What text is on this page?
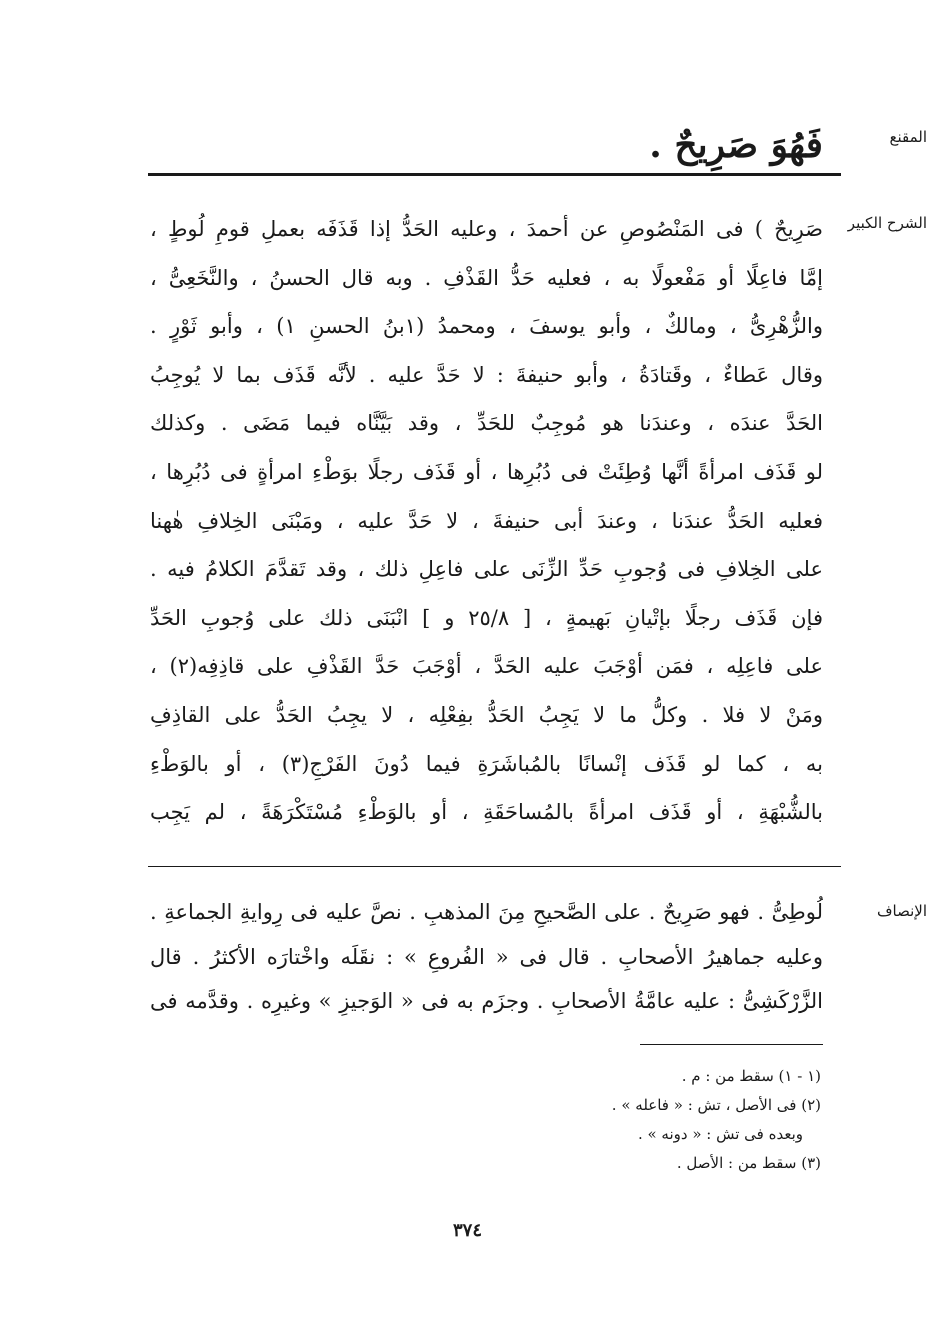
المقنع
فَهُوَ صَرِيحٌ .
الشرح الكبير
صَرِيحٌ ) فى المَنْصُوصِ عن أحمدَ ، وعليه الحَدُّ إذا قَذَفَه بعملِ قومِ لُوطٍ ،
إمَّا فاعِلًا أو مَفْعولًا به ، فعليه حَدُّ القَذْفِ . وبه قال الحسنُ ، والنَّخَعِىُّ ،
والزُّهْرِىُّ ، ومالكٌ ، وأبو يوسفَ ، ومحمدُ (١بنُ الحسنِ ١) ، وأبو ثَوْرٍ .
وقال عَطاءٌ ، وقَتادَةُ ، وأبو حنيفةَ : لا حَدَّ عليه . لأنَّه قَذَف بما لا يُوجِبُ
الحَدَّ عندَه ، وعندَنا هو مُوجِبٌ للحَدِّ ، وقد بَيَّنَّاه فيما مَضَى . وكذلك
لو قَذَف امرأةً أنَّها وُطِئَتْ فى دُبُرِها ، أو قَذَف رجلًا بوَطْءِ امرأةٍ فى دُبُرِها ،
فعليه الحَدُّ عندَنا ، وعندَ أبى حنيفةَ ، لا حَدَّ عليه ، ومَبْنَى الخِلافِ هٰهنا
على الخِلافِ فى وُجوبِ حَدِّ الزِّنَى على فاعِلِ ذلك ، وقد تَقدَّمَ الكلامُ فيه .
فإن قَذَف رجلًا بإتْيانِ بَهيمةٍ ، [ ٢٥/٨ و ] انْبَنَى ذلك على وُجوبِ الحَدِّ
على فاعِلِه ، فمَن أوْجَبَ عليه الحَدَّ ، أوْجَبَ حَدَّ القَذْفِ على قاذِفِه(٢) ،
ومَنْ لا فلا . وكلُّ ما لا يَجِبُ الحَدُّ بفِعْلِه ، لا يجِبُ الحَدُّ على القاذِفِ
به ، كما لو قَذَف إنْسانًا بالمُباشَرَةِ فيما دُونَ الفَرْجِ(٣) ، أو بالوَطْءِ
بالشُّبْهَةِ ، أو قَذَف امرأةً بالمُساحَقَةِ ، أو بالوَطْءِ مُسْتَكْرَهَةً ، لم يَجِب
الإنصاف
لُوطِىُّ . فهو صَرِيحٌ . على الصَّحيحِ مِنَ المذهبِ . نصَّ عليه فى رِوايةِ الجماعةِ .
وعليه جماهيرُ الأصحابِ . قال فى « الفُروعِ » : نقَلَه واخْتارَه الأكثرُ . قال
الزَّرْكَشِىُّ : عليه عامَّةُ الأصحابِ . وجزَم به فى « الوَجيزِ » وغيرِه . وقدَّمه فى
(١ - ١) سقط من : م .
(٢) فى الأصل ، تش : « فاعله » .
وبعده فى تش : « دونه » .
(٣) سقط من : الأصل .
٣٧٤
